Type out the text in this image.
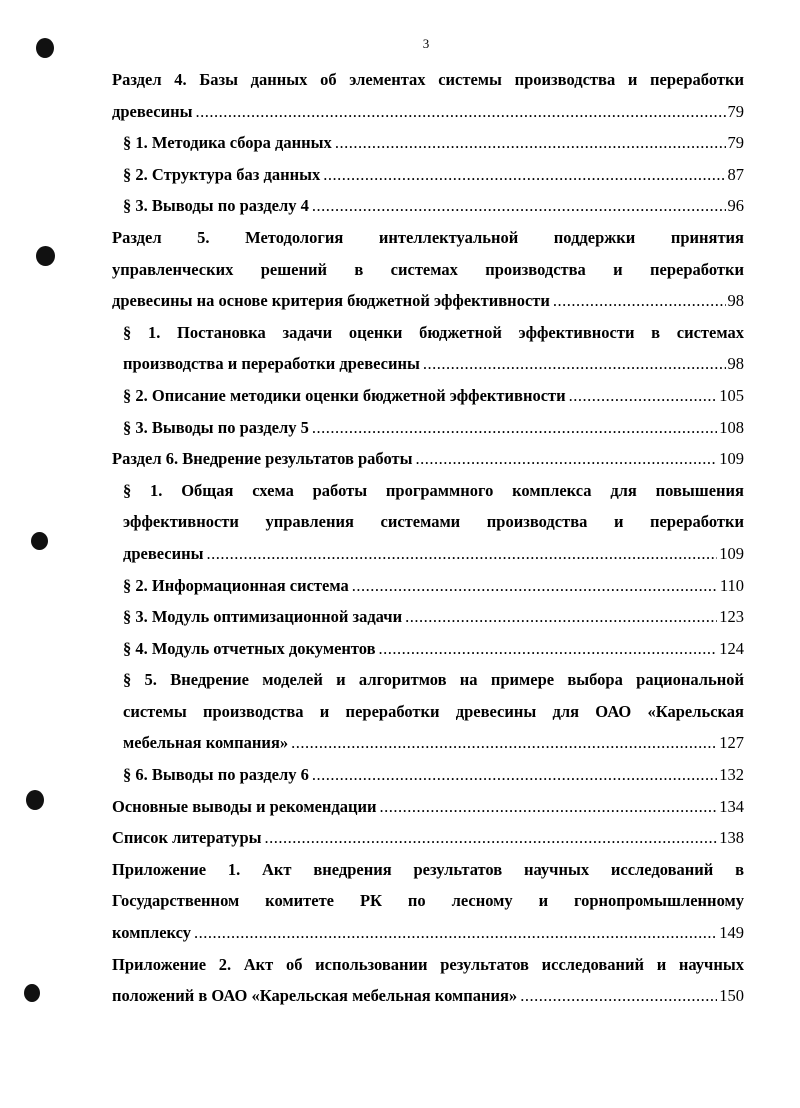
3
Раздел 4. Базы данных об элементах системы производства и переработки
древесины .....	79
§ 1. Методика сбора данных .....	79
§ 2. Структура баз данных .....	87
§ 3. Выводы по разделу 4 .....	96
Раздел 5. Методология интеллектуальной поддержки принятия
управленческих решений в системах производства и переработки
древесины на основе критерия бюджетной эффективности .....	98
§ 1. Постановка задачи оценки бюджетной эффективности в системах
производства и переработки древесины .....	98
§ 2. Описание методики оценки бюджетной эффективности .....	105
§ 3. Выводы по разделу 5 .....	108
Раздел 6. Внедрение результатов работы .....	109
§ 1. Общая схема работы программного комплекса для повышения
эффективности управления системами производства и переработки
древесины .....	109
§ 2. Информационная система .....	110
§ 3. Модуль оптимизационной задачи .....	123
§ 4. Модуль отчетных документов .....	124
§ 5. Внедрение моделей и алгоритмов на примере выбора рациональной
системы производства и переработки древесины для ОАО «Карельская
мебельная компания» .....	127
§ 6. Выводы по разделу 6 .....	132
Основные выводы и рекомендации .....	134
Список литературы .....	138
Приложение 1. Акт внедрения результатов научных исследований в
Государственном комитете РК по лесному и горнопромышленному
комплексу .....	149
Приложение 2. Акт об использовании результатов исследований и научных
положений в ОАО «Карельская мебельная компания» .....	150
